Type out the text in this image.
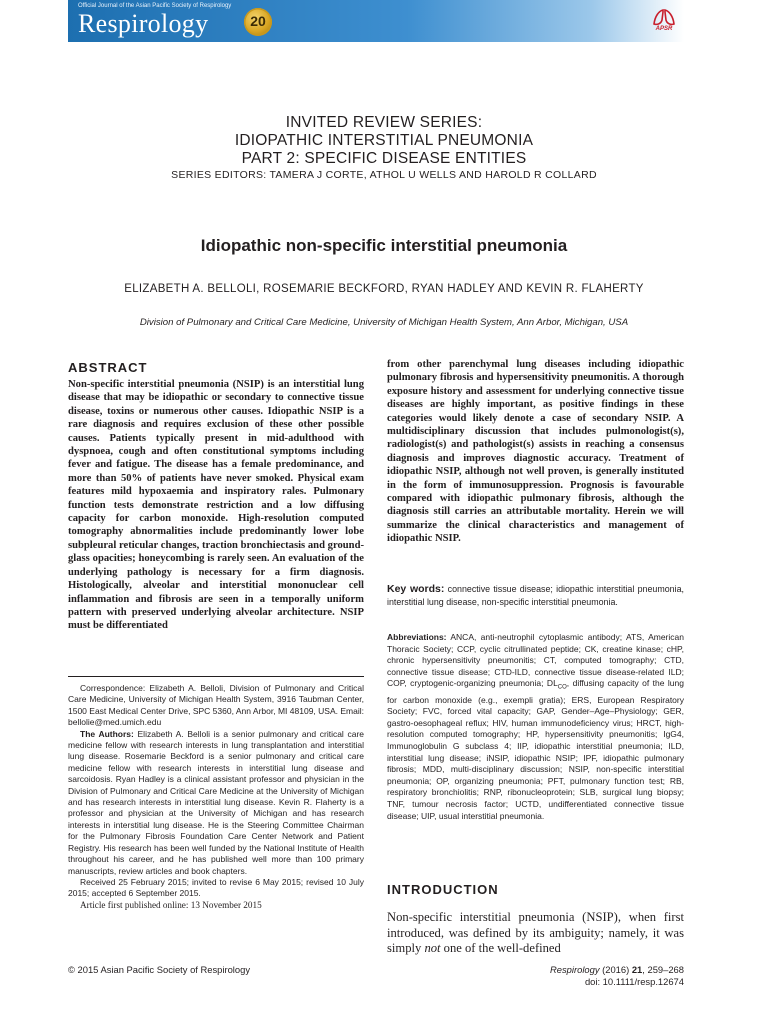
Official Journal of the Asian Pacific Society of Respirology
Respirology	20	APSR
INVITED REVIEW SERIES:
IDIOPATHIC INTERSTITIAL PNEUMONIA
PART 2: SPECIFIC DISEASE ENTITIES
SERIES EDITORS: TAMERA J CORTE, ATHOL U WELLS AND HAROLD R COLLARD
Idiopathic non-specific interstitial pneumonia
ELIZABETH A. BELLOLI, ROSEMARIE BECKFORD, RYAN HADLEY AND KEVIN R. FLAHERTY
Division of Pulmonary and Critical Care Medicine, University of Michigan Health System, Ann Arbor, Michigan, USA
ABSTRACT
Non-specific interstitial pneumonia (NSIP) is an interstitial lung disease that may be idiopathic or secondary to connective tissue disease, toxins or numerous other causes. Idiopathic NSIP is a rare diagnosis and requires exclusion of these other possible causes. Patients typically present in mid-adulthood with dyspnoea, cough and often constitutional symptoms including fever and fatigue. The disease has a female predominance, and more than 50% of patients have never smoked. Physical exam features mild hypoxaemia and inspiratory rales. Pulmonary function tests demonstrate restriction and a low diffusing capacity for carbon monoxide. High-resolution computed tomography abnormalities include predominantly lower lobe subpleural reticular changes, traction bronchiectasis and ground-glass opacities; honeycombing is rarely seen. An evaluation of the underlying pathology is necessary for a firm diagnosis. Histologically, alveolar and interstitial mononuclear cell inflammation and fibrosis are seen in a temporally uniform pattern with preserved underlying alveolar architecture. NSIP must be differentiated
from other parenchymal lung diseases including idiopathic pulmonary fibrosis and hypersensitivity pneumonitis. A thorough exposure history and assessment for underlying connective tissue diseases are highly important, as positive findings in these categories would likely denote a case of secondary NSIP. A multidisciplinary discussion that includes pulmonologist(s), radiologist(s) and pathologist(s) assists in reaching a consensus diagnosis and improves diagnostic accuracy. Treatment of idiopathic NSIP, although not well proven, is generally instituted in the form of immunosuppression. Prognosis is favourable compared with idiopathic pulmonary fibrosis, although the diagnosis still carries an attributable mortality. Herein we will summarize the clinical characteristics and management of idiopathic NSIP.
Key words: connective tissue disease; idiopathic interstitial pneumonia, interstitial lung disease, non-specific interstitial pneumonia.
Abbreviations: ANCA, anti-neutrophil cytoplasmic antibody; ATS, American Thoracic Society; CCP, cyclic citrullinated peptide; CK, creatine kinase; cHP, chronic hypersensitivity pneumonitis; CT, computed tomography; CTD, connective tissue disease; CTD-ILD, connective tissue disease-related ILD; COP, cryptogenic-organizing pneumonia; $DL_{CO}$, diffusing capacity of the lung for carbon monoxide (e.g., exempli gratia); ERS, European Respiratory Society; FVC, forced vital capacity; GAP, Gender–Age–Physiology; GER, gastro-oesophageal reflux; HIV, human immunodeficiency virus; HRCT, high-resolution computed tomography; HP, hypersensitivity pneumonitis; IgG4, Immunoglobulin G subclass 4; IIP, idiopathic interstitial pneumonia; ILD, interstitial lung disease; iNSIP, idiopathic NSIP; IPF, idiopathic pulmonary fibrosis; MDD, multi-disciplinary discussion; NSIP, non-specific interstitial pneumonia; OP, organizing pneumonia; PFT, pulmonary function test; RB, respiratory bronchiolitis; RNP, ribonucleoprotein; SLB, surgical lung biopsy; TNF, tumour necrosis factor; UCTD, undifferentiated connective tissue disease; UIP, usual interstitial pneumonia.

Correspondence: Elizabeth A. Belloli, Division of Pulmonary and Critical Care Medicine, University of Michigan Health System, 3916 Taubman Center, 1500 East Medical Center Drive, SPC 5360, Ann Arbor, MI 48109, USA. Email: bellolie@med.umich.edu

The Authors: Elizabeth A. Belloli is a senior pulmonary and critical care medicine fellow with research interests in lung transplantation and interstitial lung disease. Rosemarie Beckford is a senior pulmonary and critical care medicine fellow with research interests in interstitial lung disease and sarcoidosis. Ryan Hadley is a clinical assistant professor and physician in the Division of Pulmonary and Critical Care Medicine at the University of Michigan and has research interests in interstitial lung disease. Kevin R. Flaherty is a professor and physician at the University of Michigan and has research interests in interstitial lung disease. He is the Steering Committee Chairman for the Pulmonary Fibrosis Foundation Care Center Network and Patient Registry. His research has been well funded by the National Institute of Health throughout his career, and he has published well more than 100 primary manuscripts, review articles and book chapters.

Received 25 February 2015; invited to revise 6 May 2015; revised 10 July 2015; accepted 6 September 2015.

Article first published online: 13 November 2015

INTRODUCTION
Non-specific interstitial pneumonia (NSIP), when first introduced, was defined by its ambiguity; namely, it was simply not one of the well-defined
© 2015 Asian Pacific Society of Respirology	Respirology (2016) 21, 259–268
doi: 10.1111/resp.12674
